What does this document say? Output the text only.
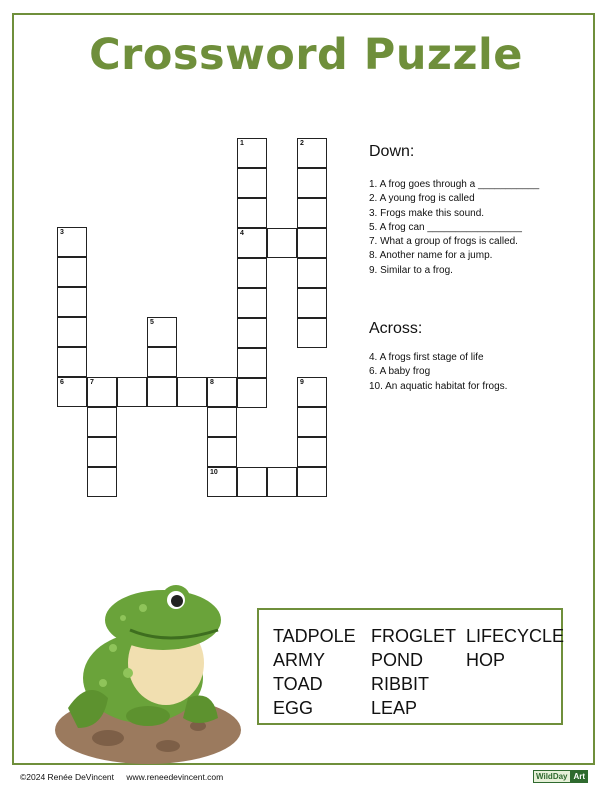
Crossword Puzzle
1
4
2
3
6
5
7	8
10
9
Down:
1. A frog goes through a ___________
2. A young frog is called
3. Frogs make this sound.
5. A frog can _________________
7. What a group of frogs is called.
8. Another name for a jump.
9. Similar to a frog.
Across:
4. A frogs first stage of life
6. A baby frog
10. An aquatic habitat for frogs.
TADPOLE
ARMY
TOAD
EGG
FROGLET
POND
RIBBIT
LEAP
LIFECYCLE
HOP
©2024 Renée DeVincent www.reneedevincent.com	WildDay Art
